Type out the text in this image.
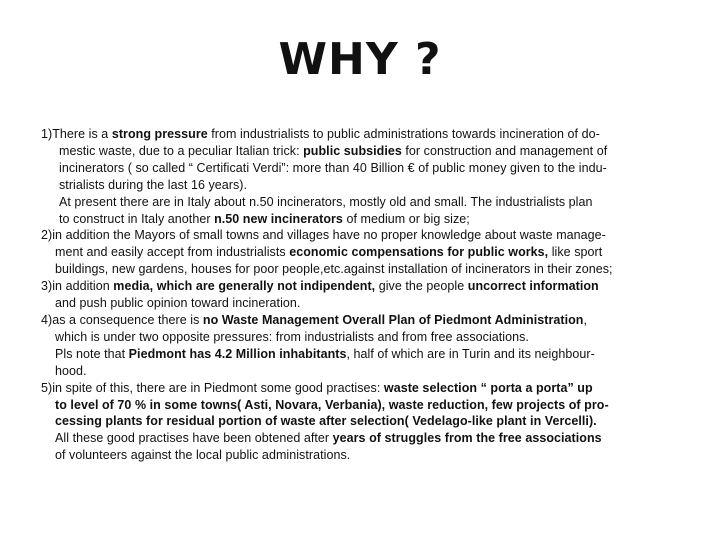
WHY ?
1)There is a strong pressure from industrialists to public administrations towards incineration of do-
mestic waste, due to a peculiar Italian trick: public subsidies for construction and management of
incinerators ( so called “ Certificati Verdi”: more than 40 Billion € of public money given to the indu-
strialists during the last 16 years).
At present there are in Italy about n.50 incinerators, mostly old and small. The industrialists plan
to construct in Italy another n.50 new incinerators of medium or big size;
2)in addition the Mayors of small towns and villages have no proper knowledge about waste manage-
ment and easily accept from industrialists economic compensations for public works, like sport
buildings, new gardens, houses for poor people,etc.against installation of incinerators in their zones;
3)in addition media, which are generally not indipendent, give the people uncorrect information
and push public opinion toward incineration.
4)as a consequence there is no Waste Management Overall Plan of Piedmont Administration,
which is under two opposite pressures: from industrialists and from free associations.
Pls note that Piedmont has 4.2 Million inhabitants, half of which are in Turin and its neighbour-
hood.
5)in spite of this, there are in Piedmont some good practises: waste selection “ porta a porta” up
to level of 70 % in some towns( Asti, Novara, Verbania), waste reduction, few projects of pro-
cessing plants for residual portion of waste after selection( Vedelago-like plant in Vercelli).
All these good practises have been obtened after years of struggles from the free associations
of volunteers against the local public administrations.
